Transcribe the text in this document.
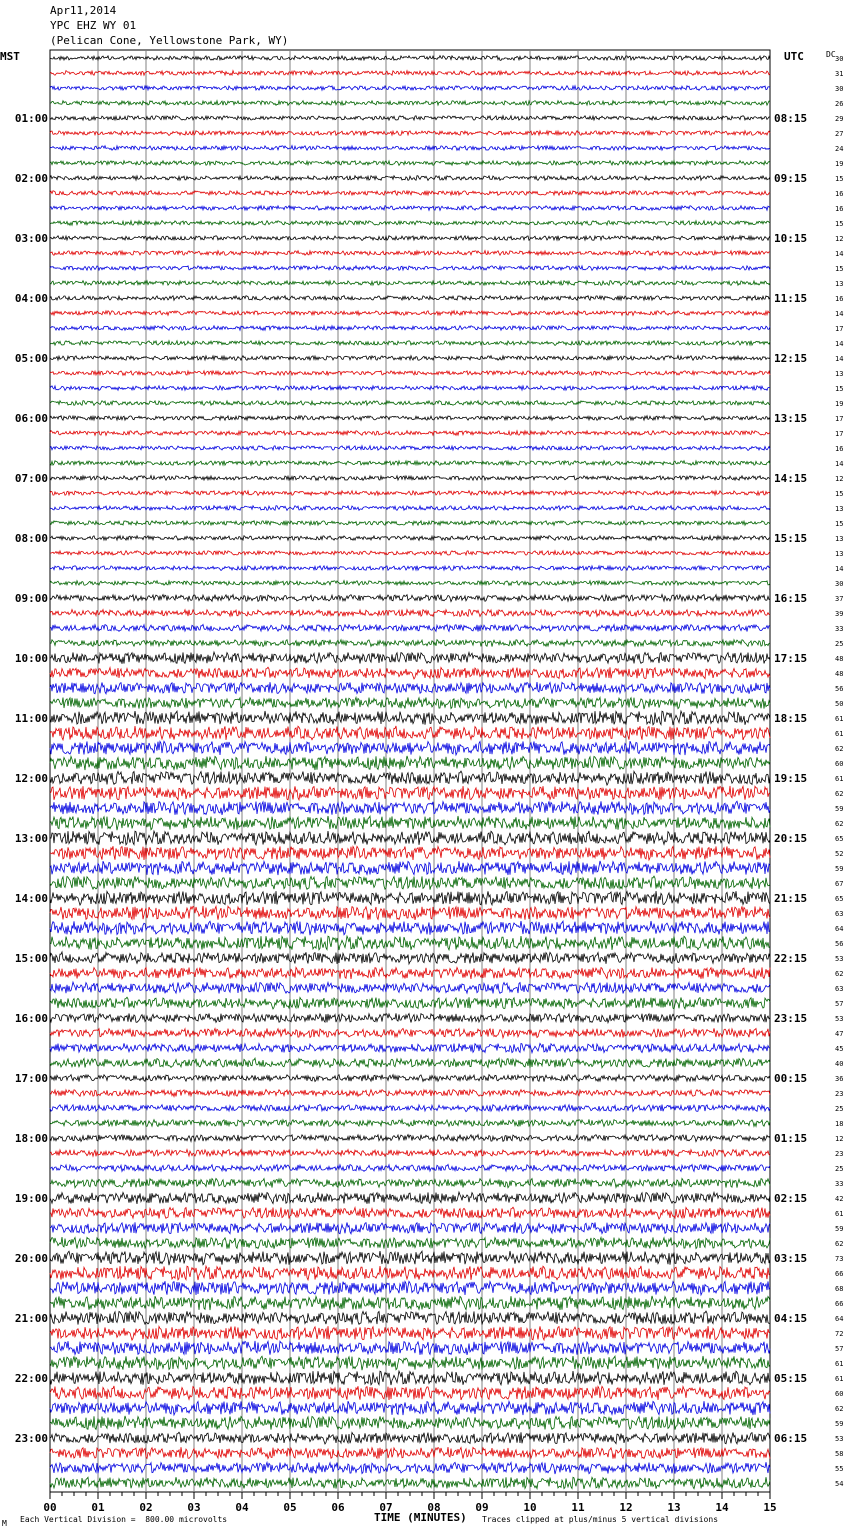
Apr11,2014
YPC EHZ WY 01
(Pelican Cone, Yellowstone Park, WY)
MST	UTC	DC 30
31
30
26
29
27
24
19
15
16
16
15
12
14
15
13
16
14
17
14
14
13
15
19
17
17
16
14
12
15
13
15
13
13
14
30
37
39
33
25
48
48
56
50
61
61
62
60
61
62
59
62
65
52
59
67
65
63
64
56
53
62
63
57
53
47
45
40
36
23
25
18
12
23
25
33
42
61
59
62
73
66
68
66
64
72
57
61
61
60
62
59
53
58
55
54
01:00
02:00
03:00
04:00
05:00
06:00
07:00
08:00
09:00
10:00
11:00
12:00
13:00
14:00
15:00
16:00
17:00
18:00
19:00
20:00
21:00
22:00
23:00
08:15
09:15
10:15
11:15
12:15
13:15
14:15
15:15
16:15
17:15
18:15
19:15
20:15
21:15
22:15
23:15
00:15
01:15
02:15
03:15
04:15
05:15
06:15
00	01	02	03	04	05	06	07	08	09	10	11	12	13	14	15
M Each Vertical Division =  800.00 microvolts	TIME (MINUTES) Traces clipped at plus/minus 5 vertical divisions
